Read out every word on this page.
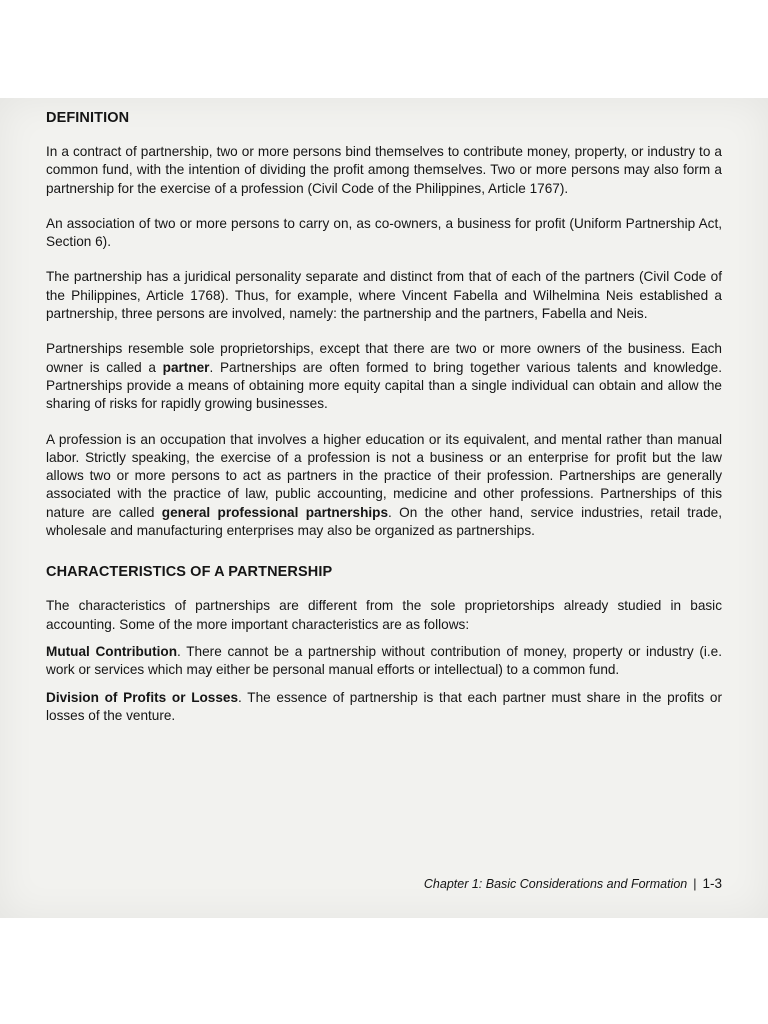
DEFINITION

In a contract of partnership, two or more persons bind themselves to contribute money, property, or industry to a common fund, with the intention of dividing the profit among themselves. Two or more persons may also form a partnership for the exercise of a profession (Civil Code of the Philippines, Article 1767).

An association of two or more persons to carry on, as co-owners, a business for profit (Uniform Partnership Act, Section 6).

The partnership has a juridical personality separate and distinct from that of each of the partners (Civil Code of the Philippines, Article 1768). Thus, for example, where Vincent Fabella and Wilhelmina Neis established a partnership, three persons are involved, namely: the partnership and the partners, Fabella and Neis.

Partnerships resemble sole proprietorships, except that there are two or more owners of the business. Each owner is called a partner. Partnerships are often formed to bring together various talents and knowledge. Partnerships provide a means of obtaining more equity capital than a single individual can obtain and allow the sharing of risks for rapidly growing businesses.

A profession is an occupation that involves a higher education or its equivalent, and mental rather than manual labor. Strictly speaking, the exercise of a profession is not a business or an enterprise for profit but the law allows two or more persons to act as partners in the practice of their profession. Partnerships are generally associated with the practice of law, public accounting, medicine and other professions. Partnerships of this nature are called general professional partnerships. On the other hand, service industries, retail trade, wholesale and manufacturing enterprises may also be organized as partnerships.

CHARACTERISTICS OF A PARTNERSHIP

The characteristics of partnerships are different from the sole proprietorships already studied in basic accounting. Some of the more important characteristics are as follows:

Mutual Contribution. There cannot be a partnership without contribution of money, property or industry (i.e. work or services which may either be personal manual efforts or intellectual) to a common fund.

Division of Profits or Losses. The essence of partnership is that each partner must share in the profits or losses of the venture.

Chapter 1: Basic Considerations and Formation | 1-3
